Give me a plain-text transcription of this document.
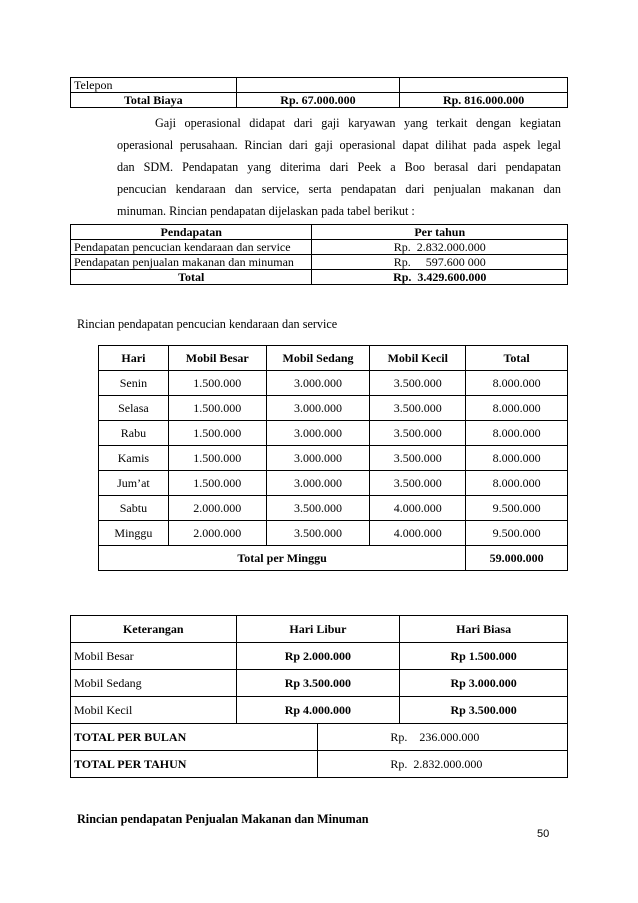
Telepon		
Total Biaya	Rp. 67.000.000	Rp. 816.000.000
Gaji operasional didapat dari gaji karyawan yang terkait dengan kegiatan
operasional perusahaan. Rincian dari gaji operasional dapat dilihat pada aspek legal
dan SDM. Pendapatan yang diterima dari Peek a Boo berasal dari pendapatan
pencucian kendaraan dan service, serta pendapatan dari penjualan makanan dan
minuman. Rincian pendapatan dijelaskan pada tabel berikut :
Pendapatan	Per tahun
Pendapatan pencucian kendaraan dan service	Rp.  2.832.000.000
Pendapatan penjualan makanan dan minuman	Rp.     597.600 000
Total	Rp.  3.429.600.000
Rincian pendapatan pencucian kendaraan dan service
Hari	Mobil Besar	Mobil Sedang	Mobil Kecil	Total
Senin	1.500.000	3.000.000	3.500.000	8.000.000
Selasa	1.500.000	3.000.000	3.500.000	8.000.000
Rabu	1.500.000	3.000.000	3.500.000	8.000.000
Kamis	1.500.000	3.000.000	3.500.000	8.000.000
Jum’at	1.500.000	3.000.000	3.500.000	8.000.000
Sabtu	2.000.000	3.500.000	4.000.000	9.500.000
Minggu	2.000.000	3.500.000	4.000.000	9.500.000
Total per Minggu				59.000.000
Keterangan	Hari Libur		Hari Biasa
Mobil Besar	Rp 2.000.000		Rp 1.500.000
Mobil Sedang	Rp 3.500.000		Rp 3.000.000
Mobil Kecil	Rp 4.000.000		Rp 3.500.000
TOTAL PER BULAN		Rp.    236.000.000	
TOTAL PER TAHUN		Rp.  2.832.000.000	
Rincian pendapatan Penjualan Makanan dan Minuman
50
